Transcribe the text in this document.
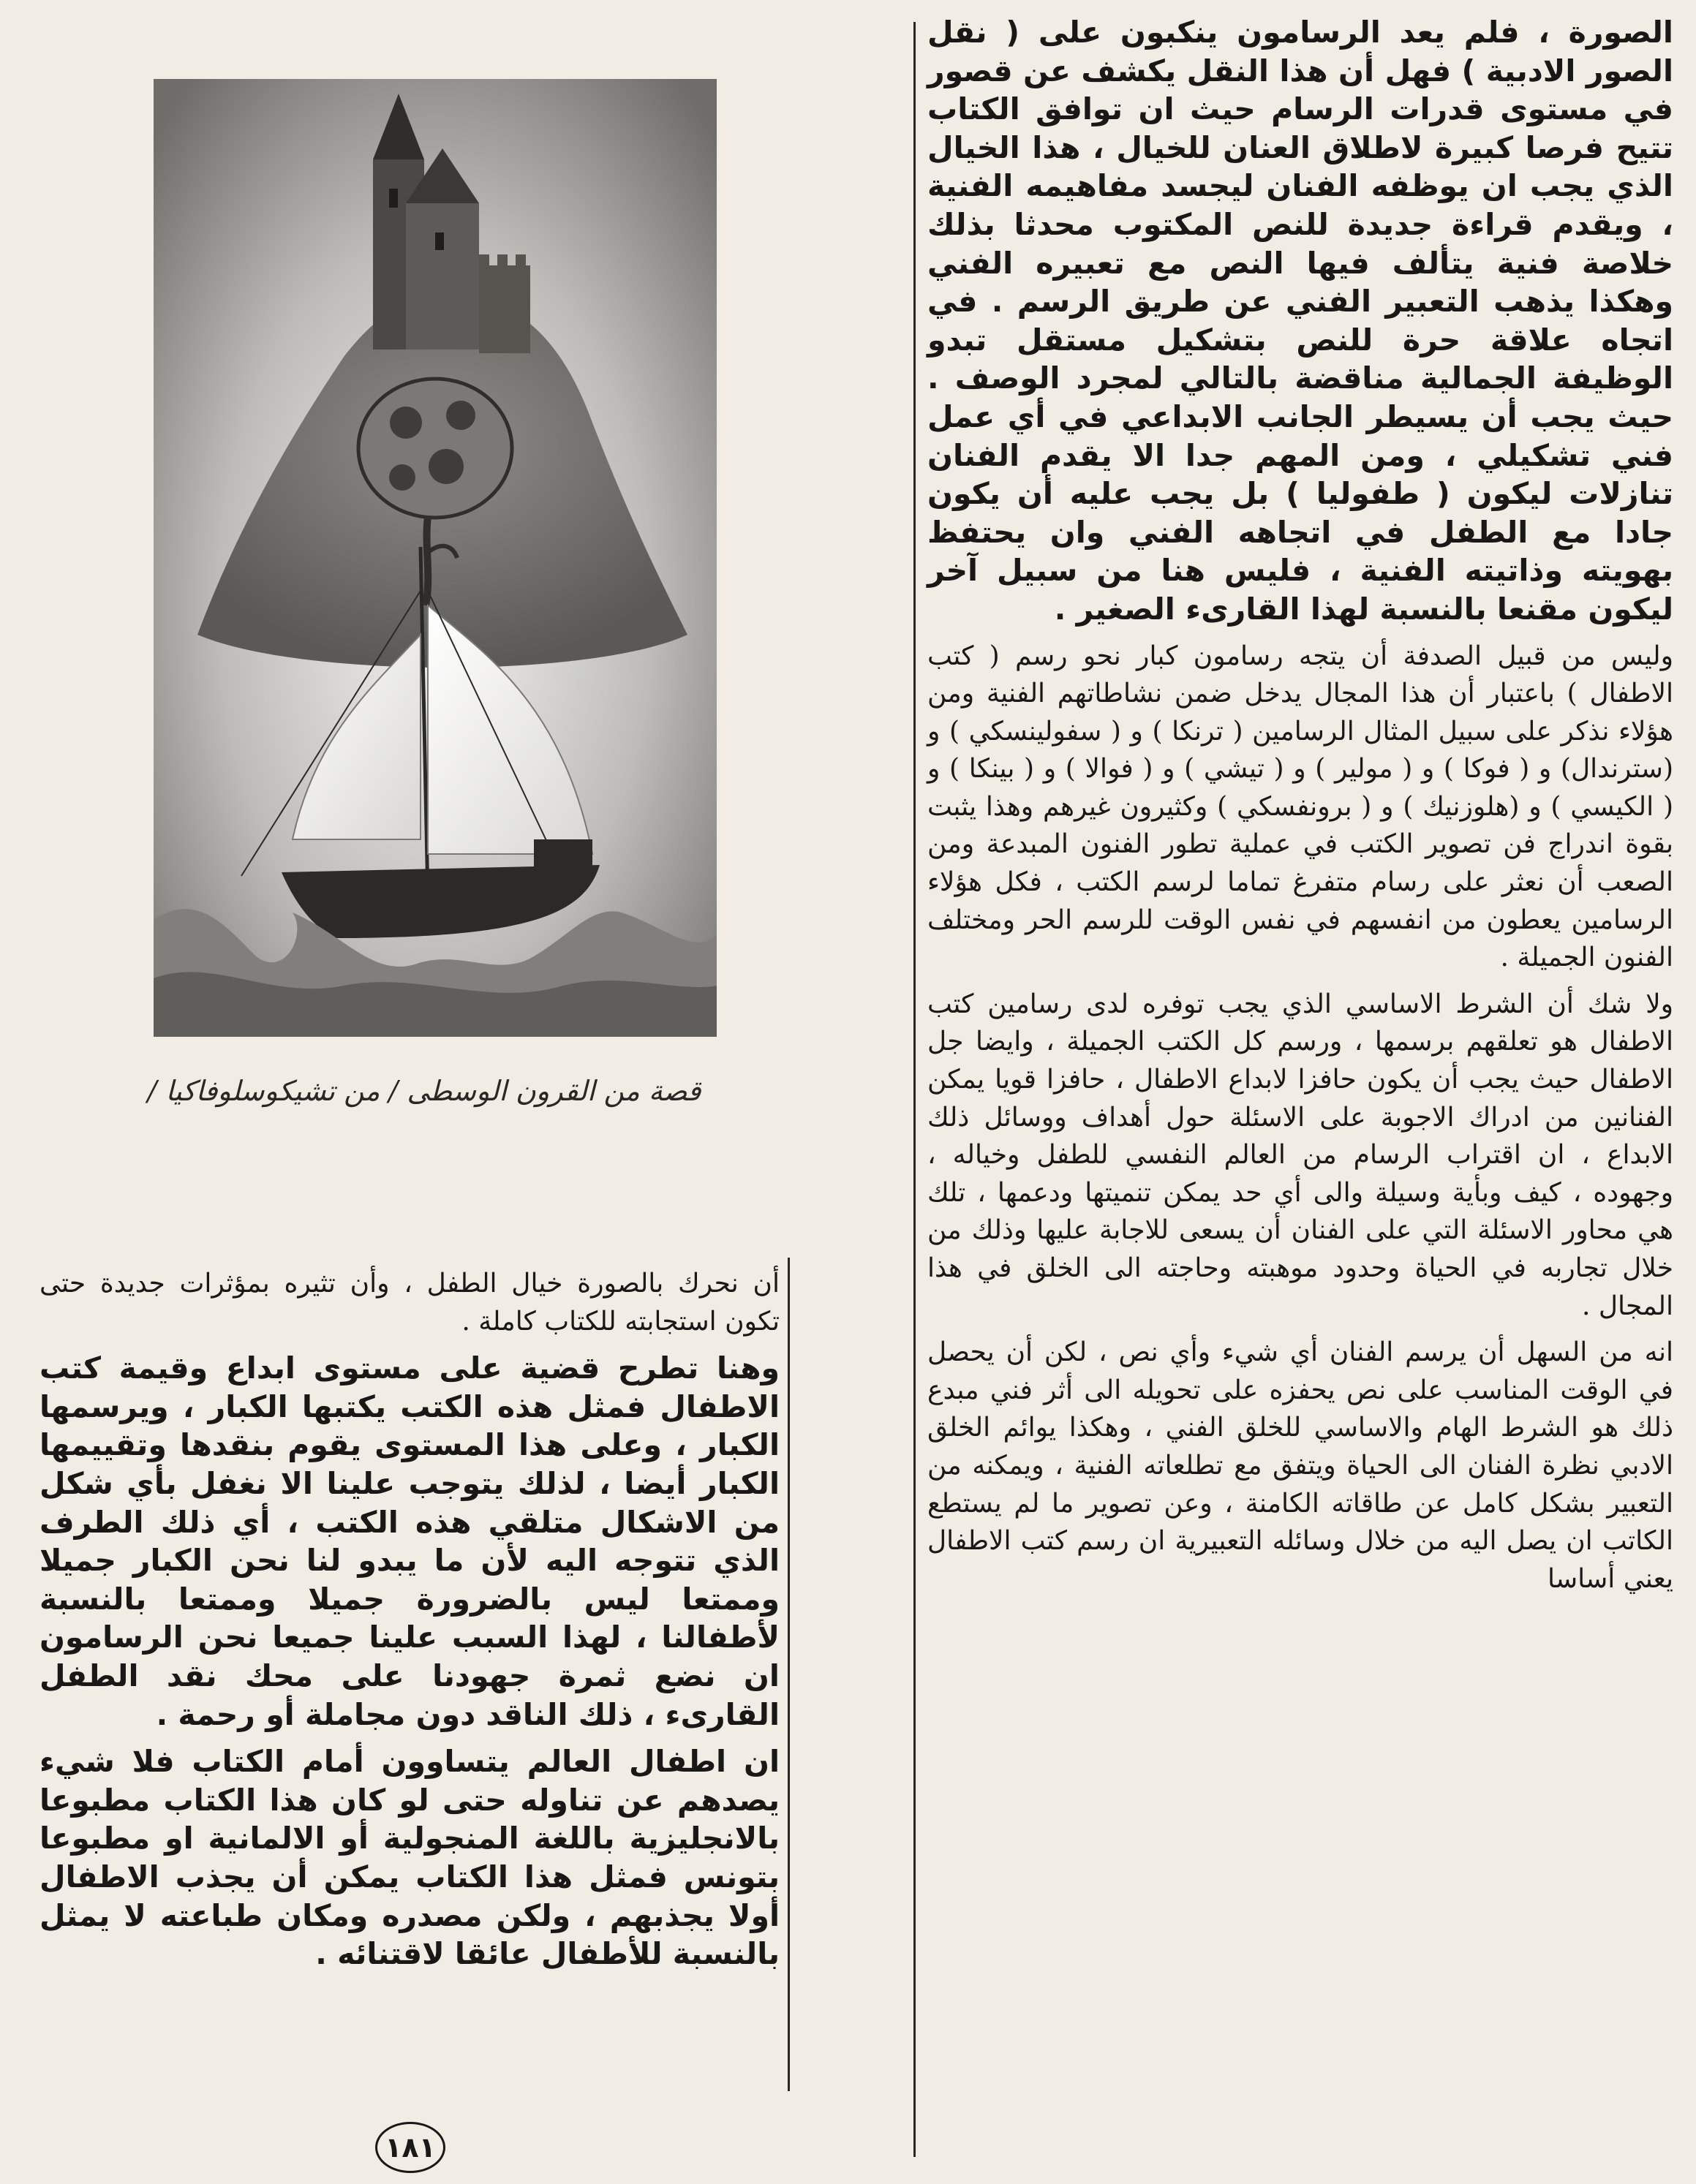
الصورة ، فلم يعد الرسامون ينكبون على ( نقل الصور الادبية ) فهل أن هذا النقل يكشف عن قصور في مستوى قدرات الرسام حيث ان توافق الكتاب تتيح فرصا كبيرة لاطلاق العنان للخيال ، هذا الخيال الذي يجب ان يوظفه الفنان ليجسد مفاهيمه الفنية ، ويقدم قراءة جديدة للنص المكتوب محدثا بذلك خلاصة فنية يتألف فيها النص مع تعبيره الفني وهكذا يذهب التعبير الفني عن طريق الرسم . في اتجاه علاقة حرة للنص بتشكيل مستقل تبدو الوظيفة الجمالية مناقضة بالتالي لمجرد الوصف . حيث يجب أن يسيطر الجانب الابداعي في أي عمل فني تشكيلي ، ومن المهم جدا الا يقدم الفنان تنازلات ليكون ( طفوليا ) بل يجب عليه أن يكون جادا مع الطفل في اتجاهه الفني وان يحتفظ بهويته وذاتيته الفنية ، فليس هنا من سبيل آخر ليكون مقنعا بالنسبة لهذا القارىء الصغير .

وليس من قبيل الصدفة أن يتجه رسامون كبار نحو رسم ( كتب الاطفال ) باعتبار أن هذا المجال يدخل ضمن نشاطاتهم الفنية ومن هؤلاء نذكر على سبيل المثال الرسامين ( ترنكا ) و ( سفولينسكي ) و (سترندال) و ( فوكا ) و ( مولير ) و ( تيشي ) و ( فوالا ) و ( بينكا ) و ( الكيسي ) و (هلوزنيك ) و ( برونفسكي ) وكثيرون غيرهم وهذا يثبت بقوة اندراج فن تصوير الكتب في عملية تطور الفنون المبدعة ومن الصعب أن نعثر على رسام متفرغ تماما لرسم الكتب ، فكل هؤلاء الرسامين يعطون من انفسهم في نفس الوقت للرسم الحر ومختلف الفنون الجميلة .

ولا شك أن الشرط الاساسي الذي يجب توفره لدى رسامين كتب الاطفال هو تعلقهم برسمها ، ورسم كل الكتب الجميلة ، وايضا جل الاطفال حيث يجب أن يكون حافزا لابداع الاطفال ، حافزا قويا يمكن الفنانين من ادراك الاجوبة على الاسئلة حول أهداف ووسائل ذلك الابداع ، ان اقتراب الرسام من العالم النفسي للطفل وخياله ، وجهوده ، كيف وبأية وسيلة والى أي حد يمكن تنميتها ودعمها ، تلك هي محاور الاسئلة التي على الفنان أن يسعى للاجابة عليها وذلك من خلال تجاربه في الحياة وحدود موهبته وحاجته الى الخلق في هذا المجال .

انه من السهل أن يرسم الفنان أي شيء وأي نص ، لكن أن يحصل في الوقت المناسب على نص يحفزه على تحويله الى أثر فني مبدع ذلك هو الشرط الهام والاساسي للخلق الفني ، وهكذا يوائم الخلق الادبي نظرة الفنان الى الحياة ويتفق مع تطلعاته الفنية ، ويمكنه من التعبير بشكل كامل عن طاقاته الكامنة ، وعن تصوير ما لم يستطع الكاتب ان يصل اليه من خلال وسائله التعبيرية ان رسم كتب الاطفال يعني أساسا

قصة من القرون الوسطى / من تشيكوسلوفاكيا /

أن نحرك بالصورة خيال الطفل ، وأن تثيره بمؤثرات جديدة حتى تكون استجابته للكتاب كاملة .

وهنا تطرح قضية على مستوى ابداع وقيمة كتب الاطفال فمثل هذه الكتب يكتبها الكبار ، ويرسمها الكبار ، وعلى هذا المستوى يقوم بنقدها وتقييمها الكبار أيضا ، لذلك يتوجب علينا الا نغفل بأي شكل من الاشكال متلقي هذه الكتب ، أي ذلك الطرف الذي تتوجه اليه لأن ما يبدو لنا نحن الكبار جميلا وممتعا ليس بالضرورة جميلا وممتعا بالنسبة لأطفالنا ، لهذا السبب علينا جميعا نحن الرسامون ان نضع ثمرة جهودنا على محك نقد الطفل القارىء ، ذلك الناقد دون مجاملة أو رحمة .

ان اطفال العالم يتساوون أمام الكتاب فلا شيء يصدهم عن تناوله حتى لو كان هذا الكتاب مطبوعا بالانجليزية باللغة المنجولية أو الالمانية او مطبوعا بتونس فمثل هذا الكتاب يمكن أن يجذب الاطفال أولا يجذبهم ، ولكن مصدره ومكان طباعته لا يمثل بالنسبة للأطفال عائقا لاقتنائه .

١٨١
